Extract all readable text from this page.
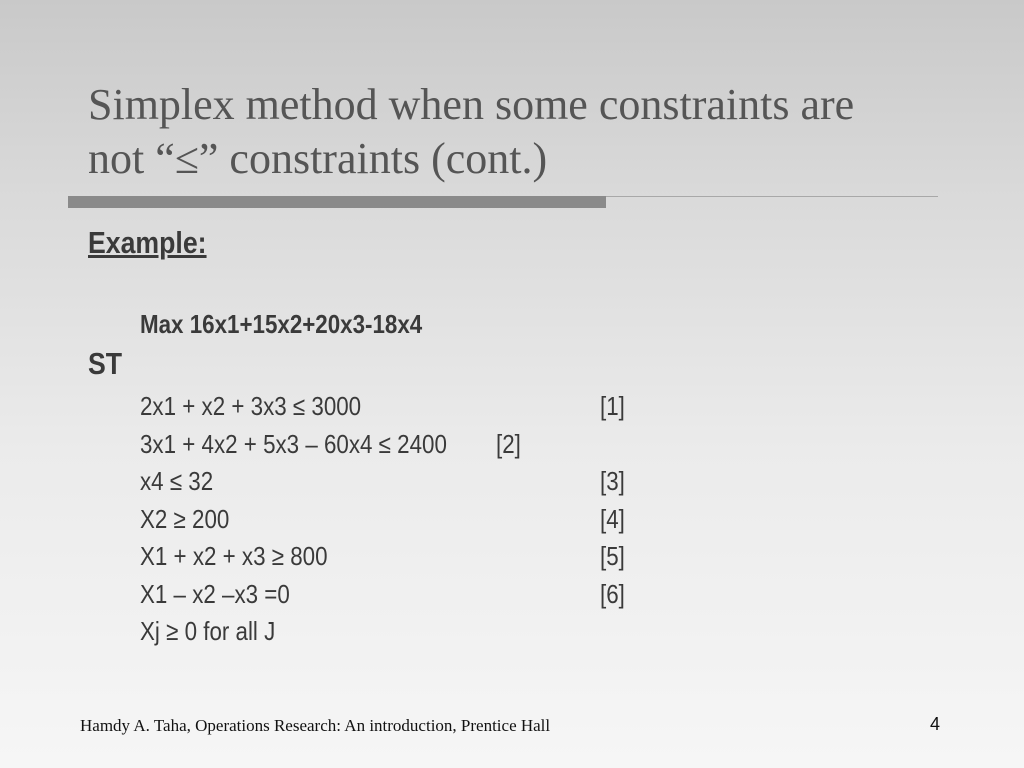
Simplex method when some constraints are
not “≤” constraints (cont.)
Example:
Max 16x1+15x2+20x3-18x4
ST
2x1 + x2 + 3x3 ≤ 3000	[1]
3x1 + 4x2 + 5x3 – 60x4 ≤ 2400 [2]
x4 ≤ 32	[3]
X2 ≥ 200	[4]
X1 + x2 + x3 ≥ 800	[5]
X1 – x2 –x3 =0	[6]
Xj ≥ 0 for all J
Hamdy A. Taha, Operations Research: An introduction, Prentice Hall	4
